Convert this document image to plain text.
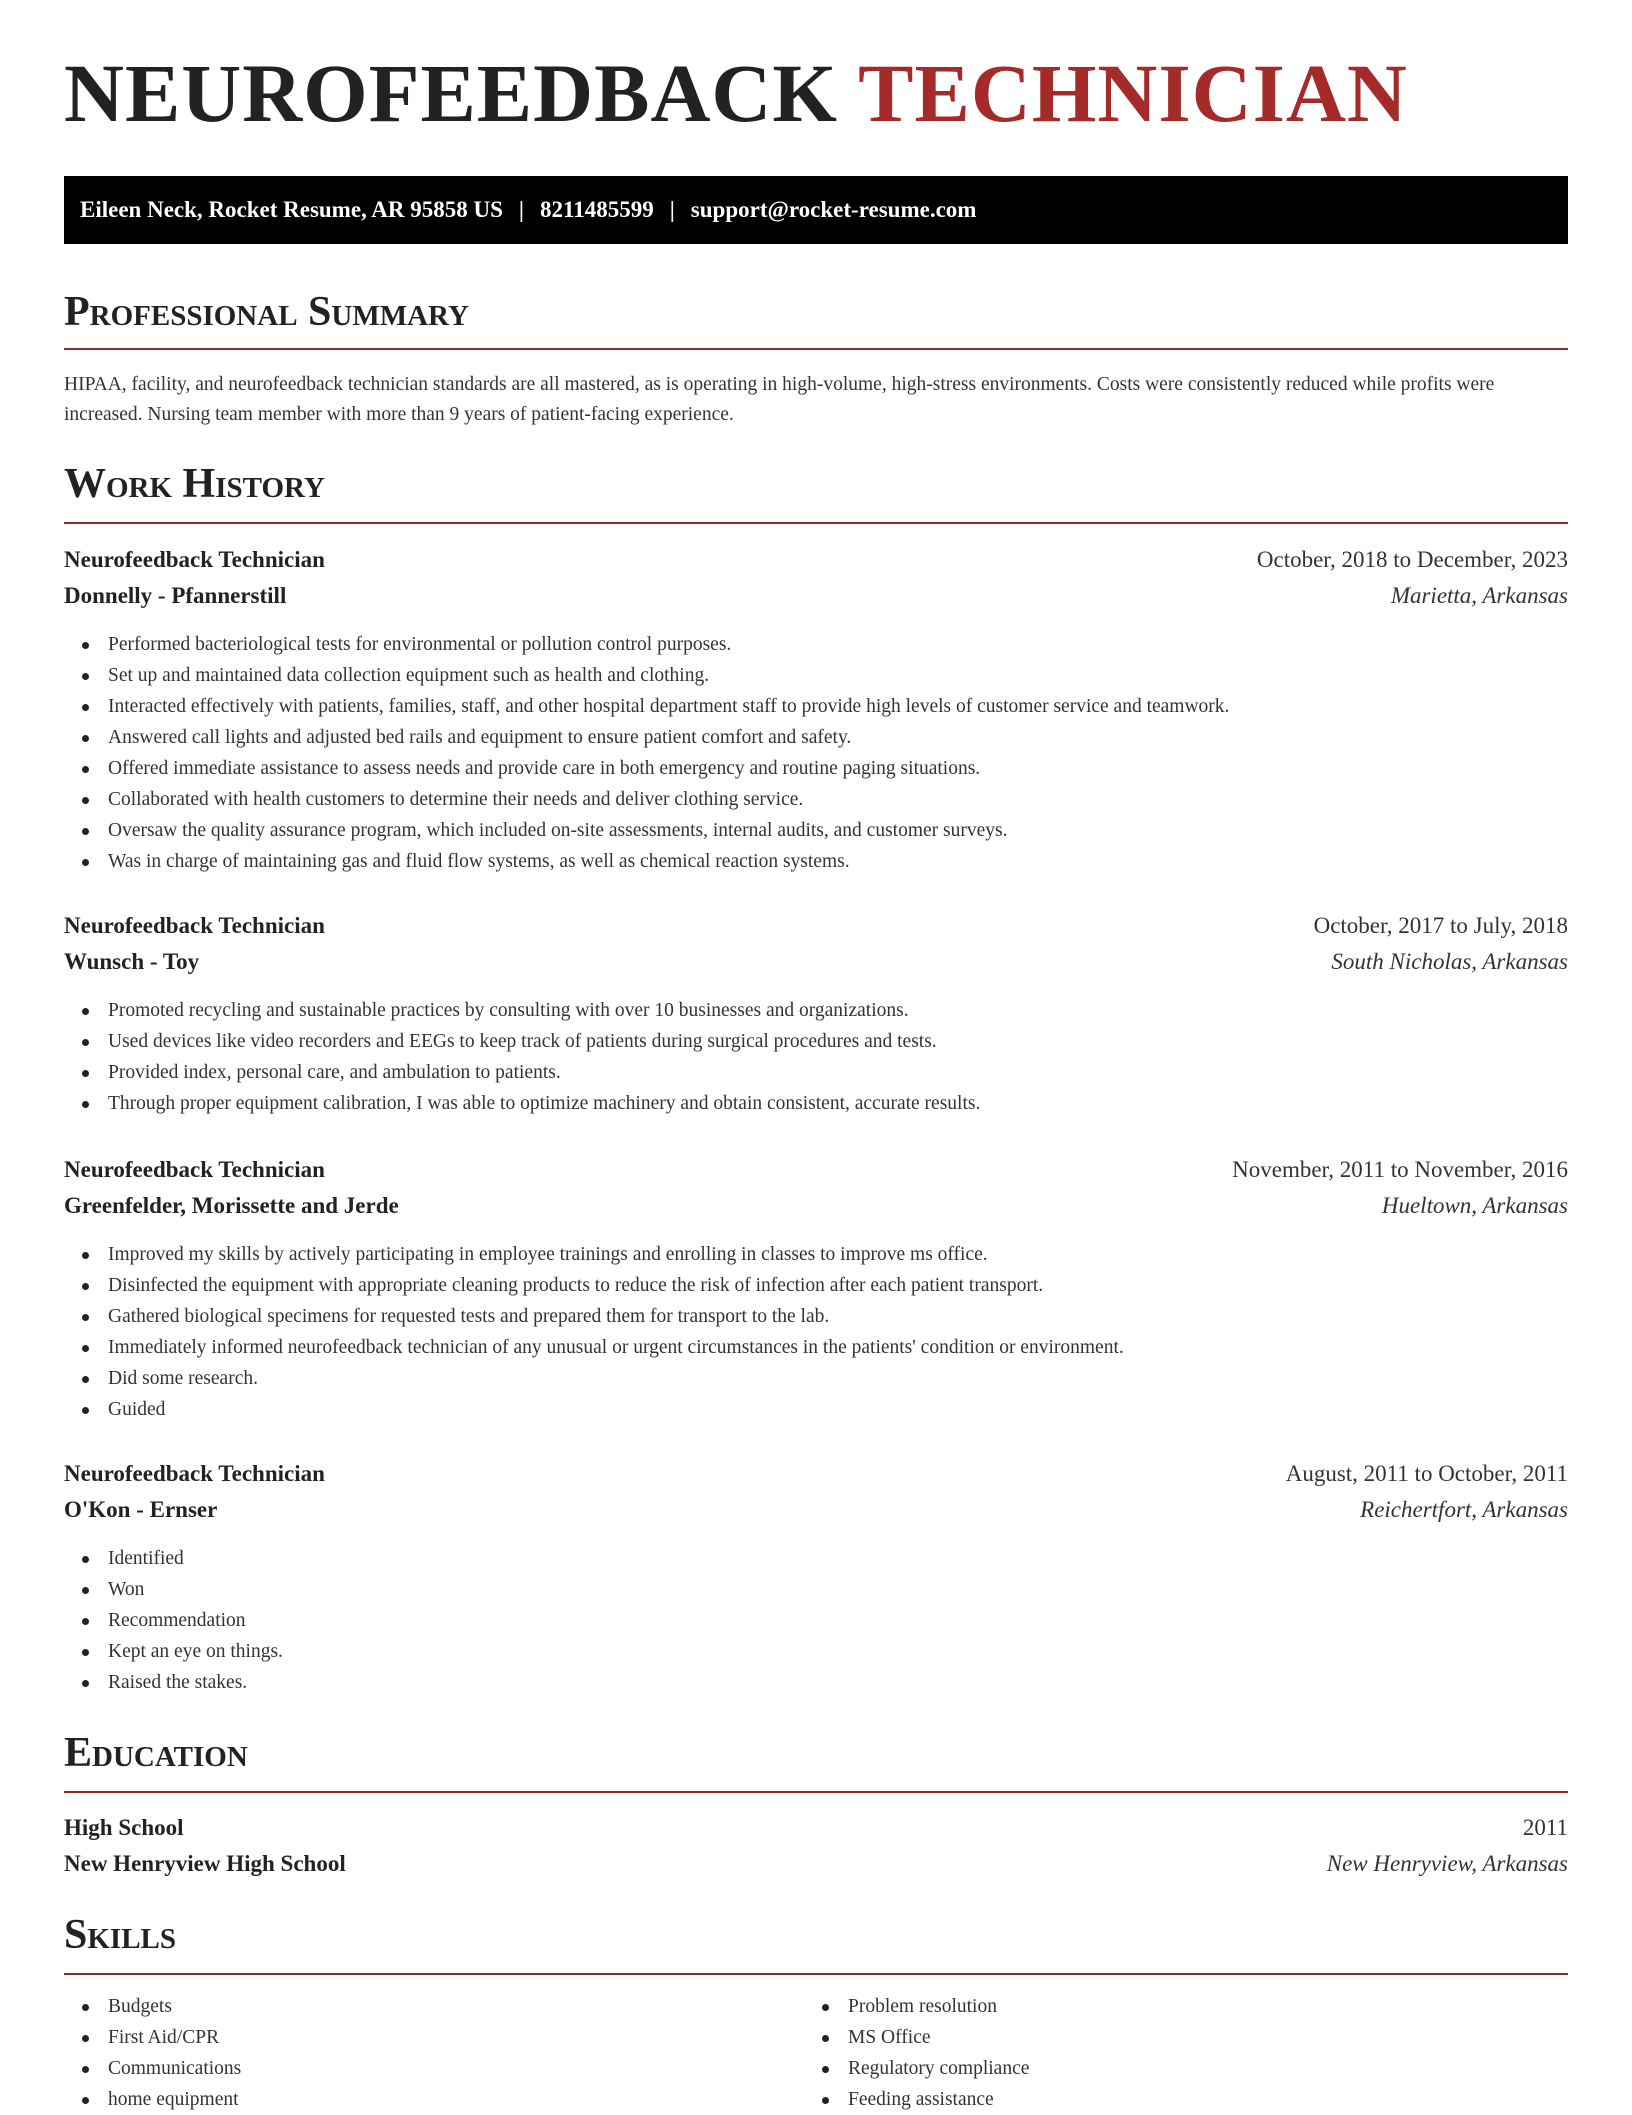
NEUROFEEDBACK TECHNICIAN
Eileen Neck, Rocket Resume, AR 95858 US | 8211485599 | support@rocket-resume.com
Professional Summary

HIPAA, facility, and neurofeedback technician standards are all mastered, as is operating in high-volume, high-stress environments. Costs were consistently reduced while profits were increased. Nursing team member with more than 9 years of patient-facing experience.

Work History
Neurofeedback Technician	October, 2018 to December, 2023
Donnelly - Pfannerstill	Marietta, Arkansas
Performed bacteriological tests for environmental or pollution control purposes.
Set up and maintained data collection equipment such as health and clothing.
Interacted effectively with patients, families, staff, and other hospital department staff to provide high levels of customer service and teamwork.
Answered call lights and adjusted bed rails and equipment to ensure patient comfort and safety.
Offered immediate assistance to assess needs and provide care in both emergency and routine paging situations.
Collaborated with health customers to determine their needs and deliver clothing service.
Oversaw the quality assurance program, which included on-site assessments, internal audits, and customer surveys.
Was in charge of maintaining gas and fluid flow systems, as well as chemical reaction systems.
Neurofeedback Technician	October, 2017 to July, 2018
Wunsch - Toy	South Nicholas, Arkansas
Promoted recycling and sustainable practices by consulting with over 10 businesses and organizations.
Used devices like video recorders and EEGs to keep track of patients during surgical procedures and tests.
Provided index, personal care, and ambulation to patients.
Through proper equipment calibration, I was able to optimize machinery and obtain consistent, accurate results.
Neurofeedback Technician	November, 2011 to November, 2016
Greenfelder, Morissette and Jerde	Hueltown, Arkansas
Improved my skills by actively participating in employee trainings and enrolling in classes to improve ms office.
Disinfected the equipment with appropriate cleaning products to reduce the risk of infection after each patient transport.
Gathered biological specimens for requested tests and prepared them for transport to the lab.
Immediately informed neurofeedback technician of any unusual or urgent circumstances in the patients' condition or environment.
Did some research.
Guided
Neurofeedback Technician	August, 2011 to October, 2011
O'Kon - Ernser	Reichertfort, Arkansas
Identified
Won
Recommendation
Kept an eye on things.
Raised the stakes.
Education
High School	2011
New Henryview High School	New Henryview, Arkansas
Skills
Budgets
First Aid/CPR
Communications
home equipment
Problem resolution
MS Office
Regulatory compliance
Feeding assistance
